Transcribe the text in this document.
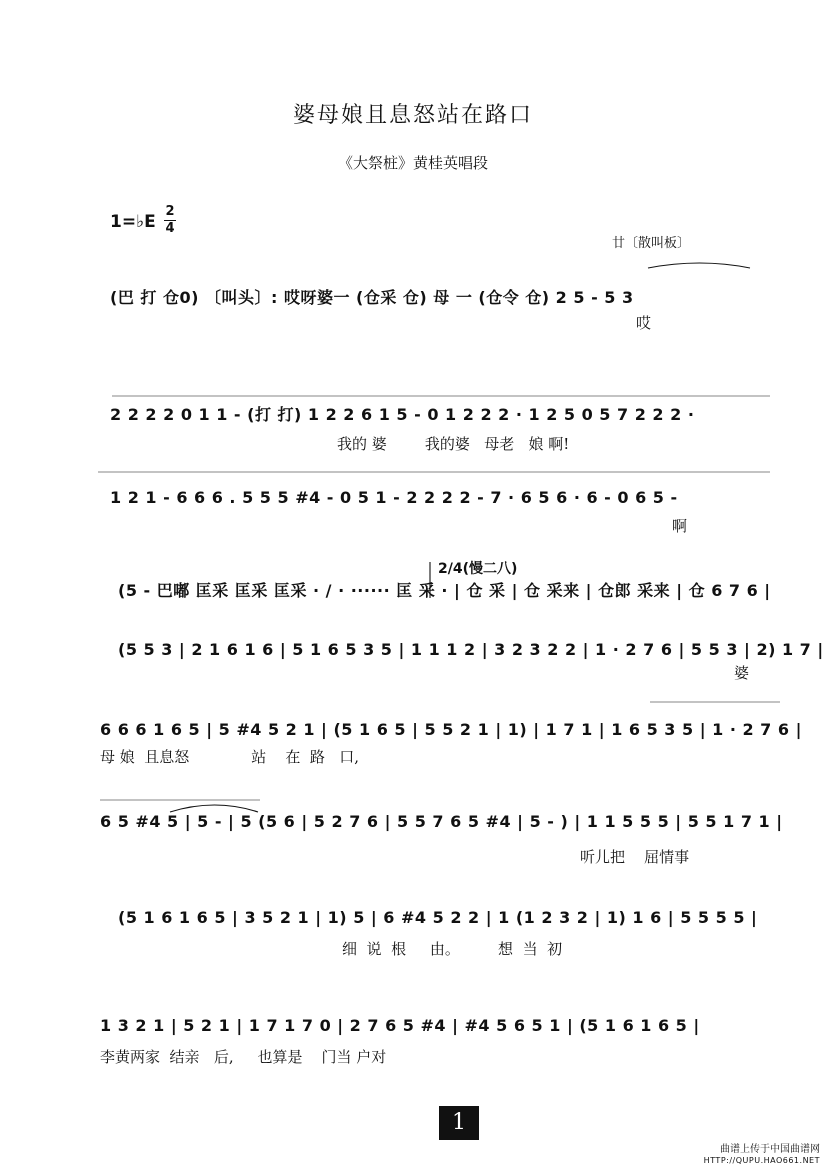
婆母娘且息怒站在路口
《大祭桩》黄桂英唱段
1=♭E
2
4
廿〔散叫板〕
(巴 打 仓0) 〔叫头〕: 哎呀婆一 (仓采 仓) 母 一 (仓令 仓) 2 5 - 5 3
哎
2 2 2 2 0 1 1 - (打 打) 1 2 2 6 1 5 - 0 1 2 2 2 · 1 2 5 0 5 7 2 2 2 ·
我的 婆        我的婆   母老   娘 啊!
1 2 1 - 6 6 6 . 5 5 5 #4 - 0 5 1 - 2 2 2 2 - 7 · 6 5 6 · 6 - 0 6 5 -
啊
2/4(慢二八)
(5 - 巴嘟 匡采 匡采 匡采 · / · ······ 匡 采 · | 仓 采 | 仓 采来 | 仓郎 采来 | 仓 6 7 6 |
(5 5 3 | 2 1 6 1 6 | 5 1 6 5 3 5 | 1 1 1 2 | 3 2 3 2 2 | 1 · 2 7 6 | 5 5 3 | 2) 1 7 |
婆
6 6 6 1 6 5 | 5 #4 5 2 1 | (5 1 6 5 | 5 5 2 1 | 1) | 1 7 1 | 1 6 5 3 5 | 1 · 2 7 6 |
母 娘  且息怒             站    在  路   口,
6 5 #4 5 | 5 - | 5 (5 6 | 5 2 7 6 | 5 5 7 6 5 #4 | 5 - ) | 1 1 5 5 5 | 5 5 1 7 1 |
听儿把    屈情事
(5 1 6 1 6 5 | 3 5 2 1 | 1) 5 | 6 #4 5 2 2 | 1 (1 2 3 2 | 1) 1 6 | 5 5 5 5 |
细  说  根     由。        想  当  初
1 3 2 1 | 5 2 1 | 1 7 1 7 0 | 2 7 6 5 #4 | #4 5 6 5 1 | (5 1 6 1 6 5 |
李黄两家  结亲   后,     也算是    门当 户对
1
曲谱上传于中国曲谱网
HTTP://QUPU.HAO661.NET
